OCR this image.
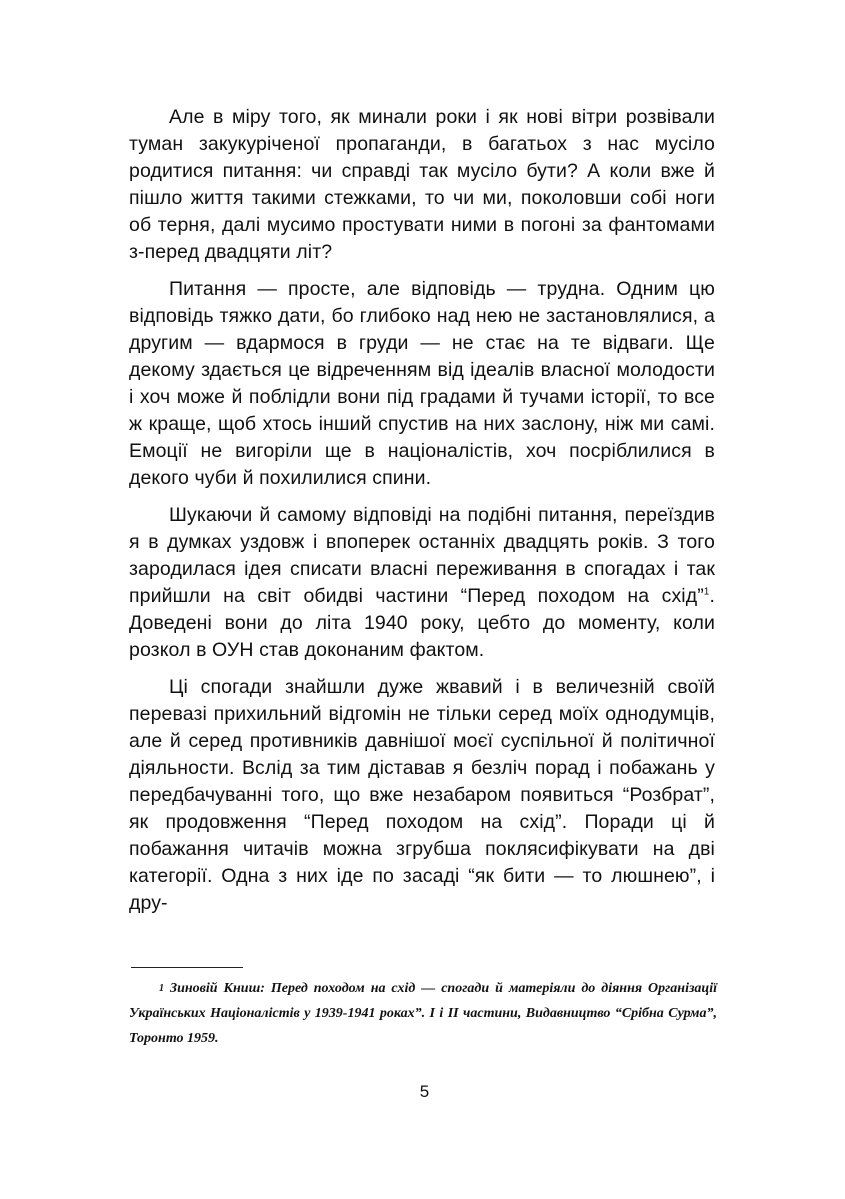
Але в міру того, як минали роки і як нові вітри розвівали туман закукуріченої пропаганди, в багатьох з нас мусіло родитися питання: чи справді так мусіло бути? А коли вже й пішло життя такими стежками, то чи ми, поколовши собі ноги об терня, далі мусимо простувати ними в погоні за фантомами з-перед двадцяти літ?

Питання — просте, але відповідь — трудна. Одним цю відповідь тяжко дати, бо глибоко над нею не застановлялися, а другим — вдармося в груди — не стає на те відваги. Ще декому здається це відреченням від ідеалів власної молодости і хоч може й поблідли вони під градами й тучами історії, то все ж краще, щоб хтось інший спустив на них заслону, ніж ми самі. Емоції не вигоріли ще в націоналістів, хоч посріблилися в декого чуби й похилилися спини.

Шукаючи й самому відповіді на подібні питання, переїздив я в думках уздовж і впоперек останніх двадцять років. З того зародилася ідея списати власні переживання в спогадах і так прийшли на світ обидві частини “Перед походом на схід”$^1$. Доведені вони до літа 1940 року, цебто до моменту, коли розкол в ОУН став доконаним фактом.

Ці спогади знайшли дуже жвавий і в величезній своїй перевазі прихильний відгомін не тільки серед моїх однодумців, але й серед противників давнішої моєї суспільної й політичної діяльности. Вслід за тим діставав я безліч порад і побажань у передбачуванні того, що вже незабаром появиться “Розбрат”, як продовження “Перед походом на схід”. Поради ці й побажання читачів можна згрубша поклясифікувати на дві категорії. Одна з них іде по засаді “як бити — то люшнею”, і дру-

$^1$ Зиновій Книш: Перед походом на схід — спогади й матеріяли до діяння Організації Українських Націоналістів у 1939-1941 роках”. I і II частини, Видавництво “Срібна Сурма”, Торонто 1959.

5
